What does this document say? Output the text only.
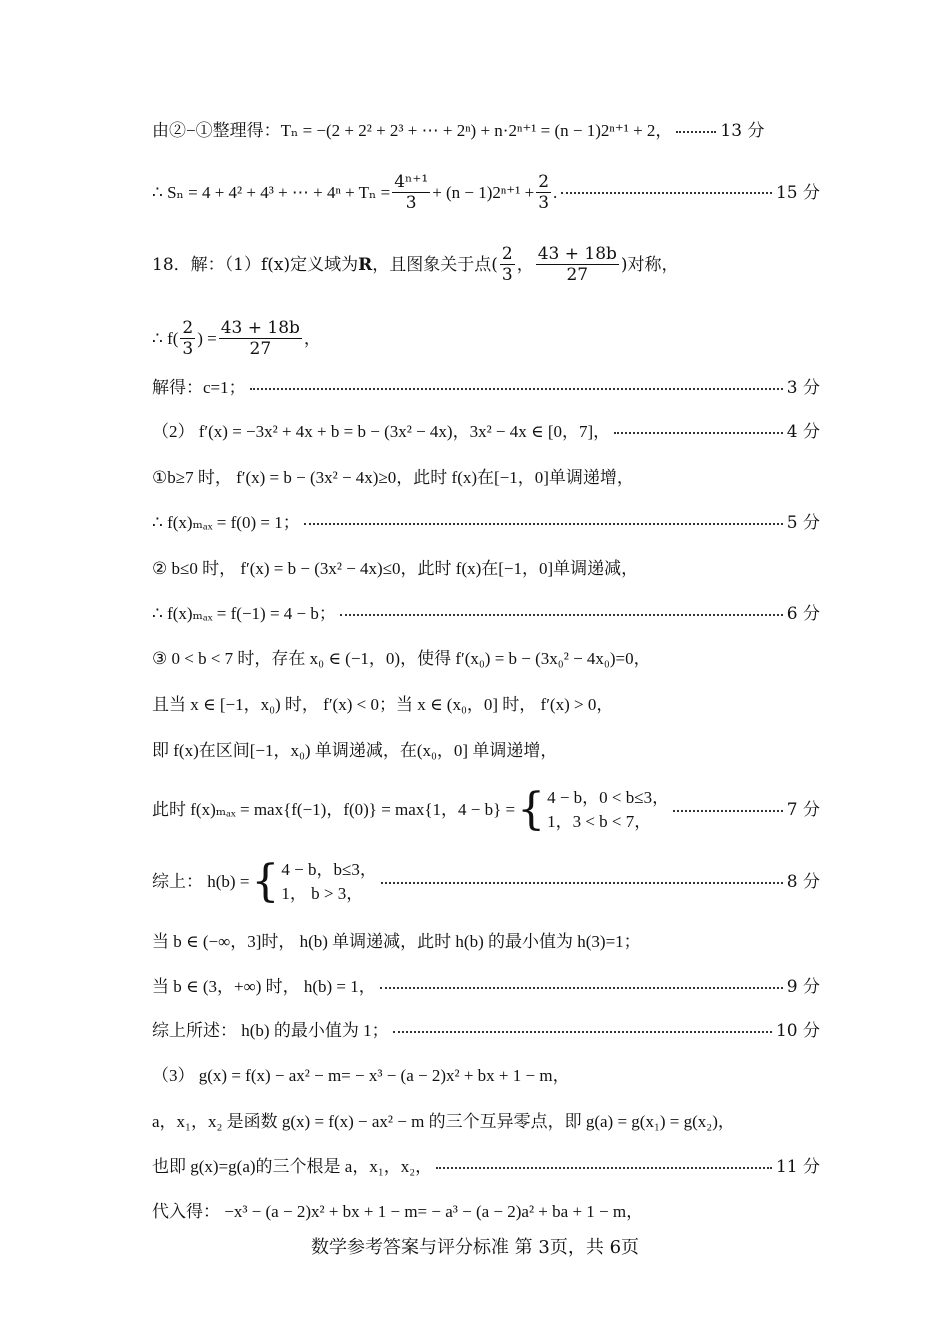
由②−①整理得：Tₙ = −(2 + 2² + 2³ + ⋯ + 2ⁿ) + n·2ⁿ⁺¹ = (n − 1)2ⁿ⁺¹ + 2，	13 分
∴ Sₙ = 4 + 4² + 4³ + ⋯ + $4^n + T_n = \frac{\text{4ⁿ⁺¹}}{3} + (n - 1)2^{n+1} + \frac{2}{3}$ .	15 分
18．解：（1）f(x)定义域为 R ，且图象关于点( $\frac{2}{3}$ ， $\frac{43 + 18b}{27}$ )对称，
∴ $f( \frac{2}{3}$ ) = $\frac{43 + 18b}{27}$ ，
解得：c=1；	3 分
（2） f′(x) = −3x² + 4x + b = b − (3x² − 4x)，3x² − 4x ∈ [0，7]，	4 分
①b≥7 时， f′(x) = b − (3x² − 4x)≥0，此时 f(x)在[−1，0]单调递增，
∴ f(x)ₘₐₓ = f(0) = 1；	5 分
② b≤0 时， f′(x) = b − (3x² − 4x)≤0，此时 f(x)在[−1，0]单调递减，
∴ f(x)ₘₐₓ = f(−1) = 4 − b；	6 分
③ 0 < b < 7 时，存在 x₀ ∈ (−1，0)，使得 f′(x₀) = b − (3x₀² − 4x₀)=0，
且当 x ∈ [−1，x₀) 时， f′(x) < 0；当 x ∈ (x₀，0] 时， f′(x) > 0，
即 f(x)在区间[−1，x₀) 单调递减，在(x₀，0] 单调递增，
此时 f(x)ₘₐₓ = max{f(−1)，f(0)} = max{1，4 − b} = { 4 − b，0 < b≤3，
1，3 < b < 7，
7 分
综上： h(b) = { 4 − b，b≤3，
1， b > 3，
8 分
当 b ∈ (−∞，3]时， h(b) 单调递减，此时 h(b) 的最小值为 h(3)=1；
当 b ∈ (3，+∞) 时， h(b) = 1，	9 分
综上所述： h(b) 的最小值为 1；	10 分
（3） g(x) = f(x) − ax² − m= − x³ − (a − 2)x² + bx + 1 − m，
a，x₁，x₂ 是函数 g(x) = f(x) − ax² − m 的三个互异零点，即 g(a) = g(x₁) = g(x₂)，
也即 g(x)=g(a)的三个根是 a，x₁，x₂，	11 分
代入得： −x³ − (a − 2)x² + bx + 1 − m= − a³ − (a − 2)a² + ba + 1 − m，
数学参考答案与评分标准 第 3页，共 6页
